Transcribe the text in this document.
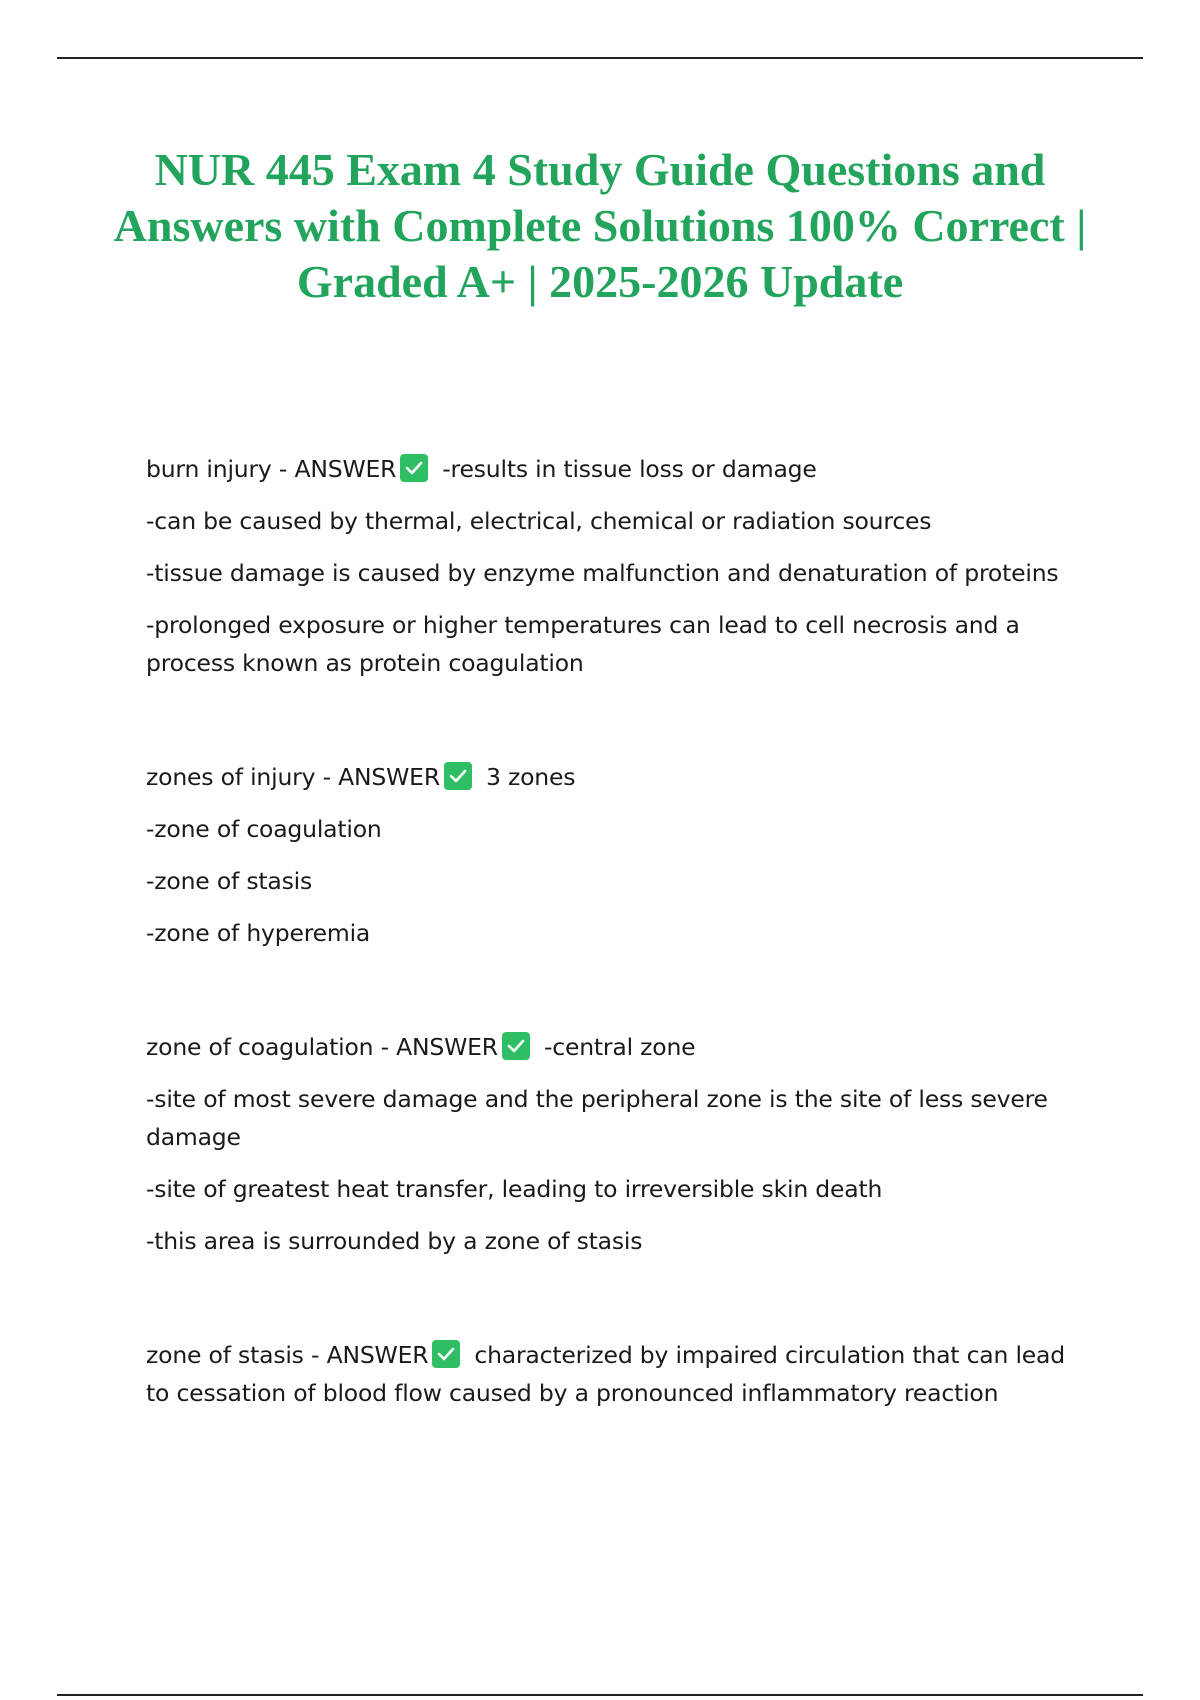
NUR 445 Exam 4 Study Guide Questions and Answers with Complete Solutions 100% Correct | Graded A+ | 2025-2026 Update

burn injury - ANSWER -results in tissue loss or damage

-can be caused by thermal, electrical, chemical or radiation sources

-tissue damage is caused by enzyme malfunction and denaturation of proteins

-prolonged exposure or higher temperatures can lead to cell necrosis and a process known as protein coagulation

zones of injury - ANSWER 3 zones

-zone of coagulation

-zone of stasis

-zone of hyperemia

zone of coagulation - ANSWER -central zone

-site of most severe damage and the peripheral zone is the site of less severe damage

-site of greatest heat transfer, leading to irreversible skin death

-this area is surrounded by a zone of stasis

zone of stasis - ANSWER characterized by impaired circulation that can lead to cessation of blood flow caused by a pronounced inflammatory reaction
